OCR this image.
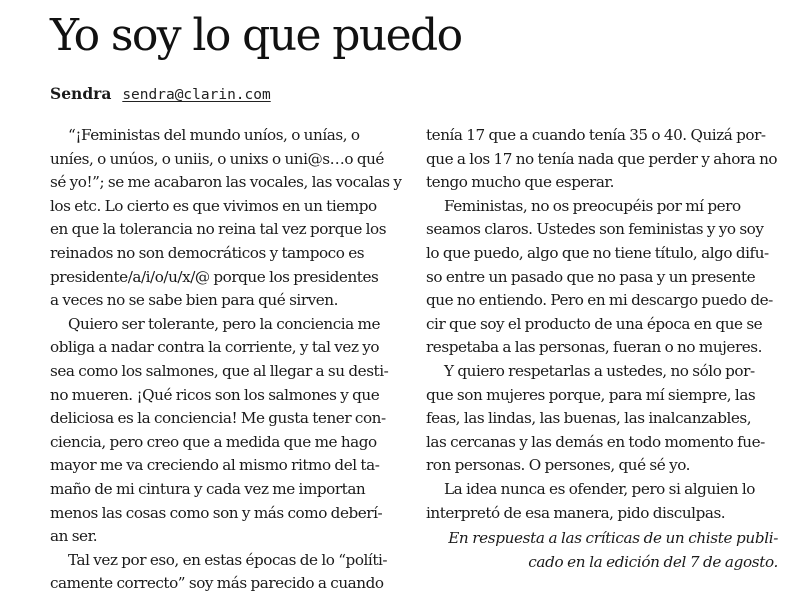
Yo soy lo que puedo
Sendra sendra@clarin.com
“¡Feministas del mundo uníos, o unías, o
uníes, o unúos, o uniis, o unixs o uni@s…o qué
sé yo!”; se me acabaron las vocales, las vocalas y
los etc. Lo cierto es que vivimos en un tiempo
en que la tolerancia no reina tal vez porque los
reinados no son democráticos y tampoco es
presidente/a/i/o/u/x/@ porque los presidentes
a veces no se sabe bien para qué sirven.
Quiero ser tolerante, pero la conciencia me
obliga a nadar contra la corriente, y tal vez yo
sea como los salmones, que al llegar a su desti-
no mueren. ¡Qué ricos son los salmones y que
deliciosa es la conciencia! Me gusta tener con-
ciencia, pero creo que a medida que me hago
mayor me va creciendo al mismo ritmo del ta-
maño de mi cintura y cada vez me importan
menos las cosas como son y más como deberí-
an ser.
Tal vez por eso, en estas épocas de lo “políti-
camente correcto” soy más parecido a cuando
tenía 17 que a cuando tenía 35 o 40. Quizá por-
que a los 17 no tenía nada que perder y ahora no
tengo mucho que esperar.
Feministas, no os preocupéis por mí pero
seamos claros. Ustedes son feministas y yo soy
lo que puedo, algo que no tiene título, algo difu-
so entre un pasado que no pasa y un presente
que no entiendo. Pero en mi descargo puedo de-
cir que soy el producto de una época en que se
respetaba a las personas, fueran o no mujeres.
Y quiero respetarlas a ustedes, no sólo por-
que son mujeres porque, para mí siempre, las
feas, las lindas, las buenas, las inalcanzables,
las cercanas y las demás en todo momento fue-
ron personas. O persones, qué sé yo.
La idea nunca es ofender, pero si alguien lo
interpretó de esa manera, pido disculpas.
En respuesta a las críticas de un chiste publi-
cado en la edición del 7 de agosto.
